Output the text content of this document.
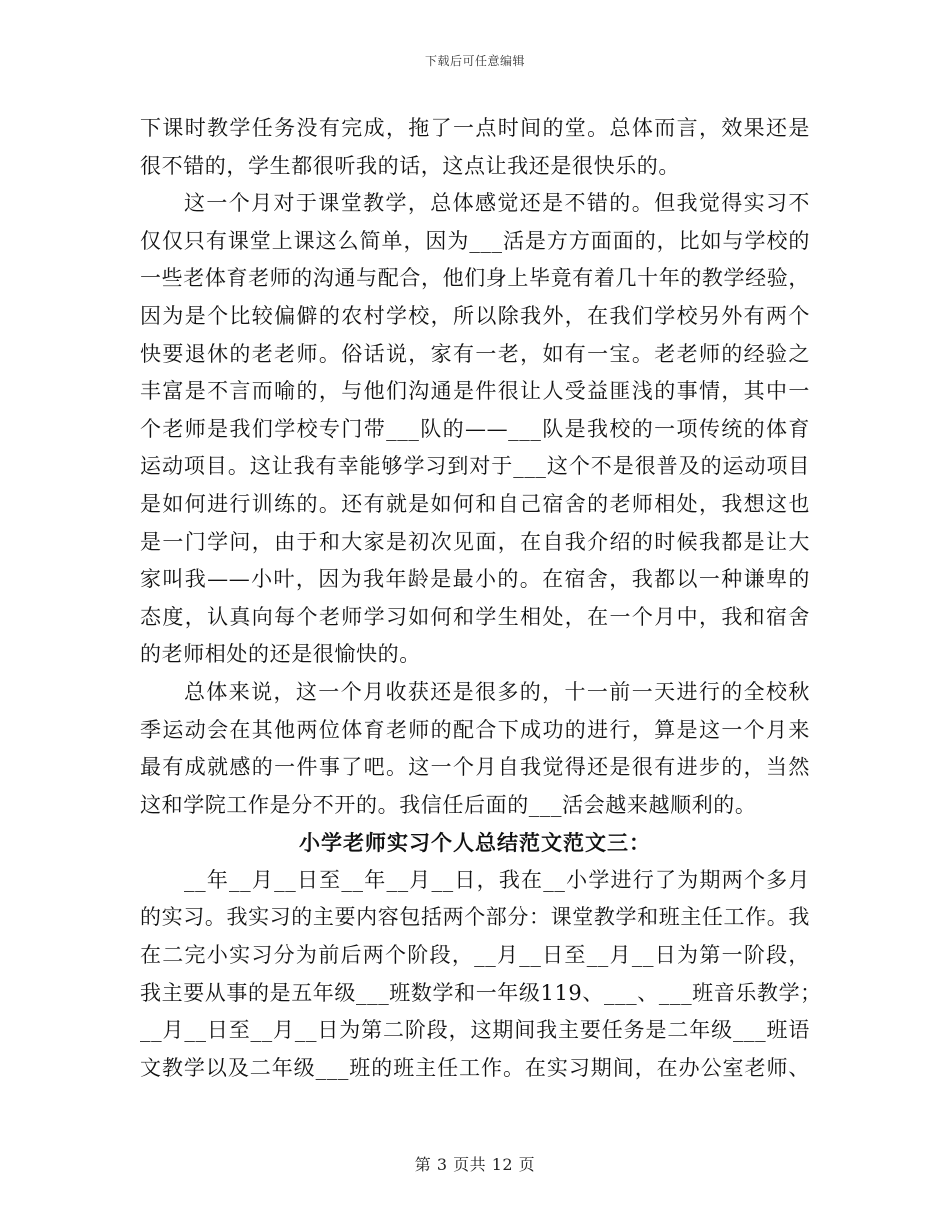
下载后可任意编辑
下课时教学任务没有完成，拖了一点时间的堂。总体而言，效果还是
很不错的，学生都很听我的话，这点让我还是很快乐的。
这一个月对于课堂教学，总体感觉还是不错的。但我觉得实习不
仅仅只有课堂上课这么简单，因为___活是方方面面的，比如与学校的
一些老体育老师的沟通与配合，他们身上毕竟有着几十年的教学经验，
因为是个比较偏僻的农村学校，所以除我外，在我们学校另外有两个
快要退休的老老师。俗话说，家有一老，如有一宝。老老师的经验之
丰富是不言而喻的，与他们沟通是件很让人受益匪浅的事情，其中一
个老师是我们学校专门带___队的——___队是我校的一项传统的体育
运动项目。这让我有幸能够学习到对于___这个不是很普及的运动项目
是如何进行训练的。还有就是如何和自己宿舍的老师相处，我想这也
是一门学问，由于和大家是初次见面，在自我介绍的时候我都是让大
家叫我——小叶，因为我年龄是最小的。在宿舍，我都以一种谦卑的
态度，认真向每个老师学习如何和学生相处，在一个月中，我和宿舍
的老师相处的还是很愉快的。
总体来说，这一个月收获还是很多的，十一前一天进行的全校秋
季运动会在其他两位体育老师的配合下成功的进行，算是这一个月来
最有成就感的一件事了吧。这一个月自我觉得还是很有进步的，当然
这和学院工作是分不开的。我信任后面的___活会越来越顺利的。
小学老师实习个人总结范文范文三：
__年__月__日至__年__月__日，我在__小学进行了为期两个多月
的实习。我实习的主要内容包括两个部分：课堂教学和班主任工作。我
在二完小实习分为前后两个阶段，__月__日至__月__日为第一阶段，
我主要从事的是五年级___班数学和一年级119、___、___班音乐教学；
__月__日至__月__日为第二阶段，这期间我主要任务是二年级___班语
文教学以及二年级___班的班主任工作。在实习期间，在办公室老师、
第 3 页共 12 页
